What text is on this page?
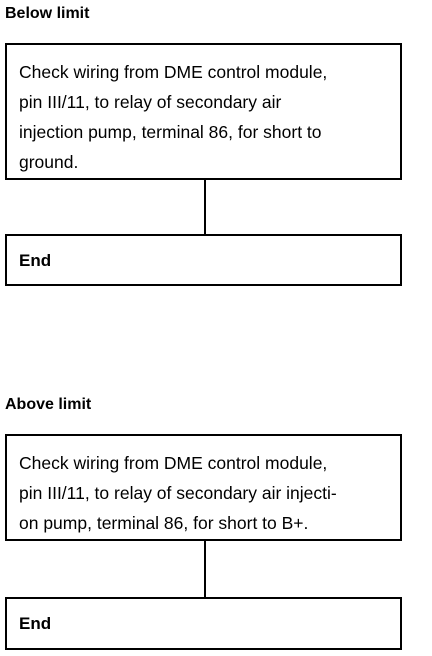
Below limit

Check wiring from DME control module,
pin III/11, to relay of secondary air
injection pump, terminal 86, for short to
ground.

End
Above limit

Check wiring from DME control module,
pin III/11, to relay of secondary air injecti-
on pump, terminal 86, for short to B+.

End
